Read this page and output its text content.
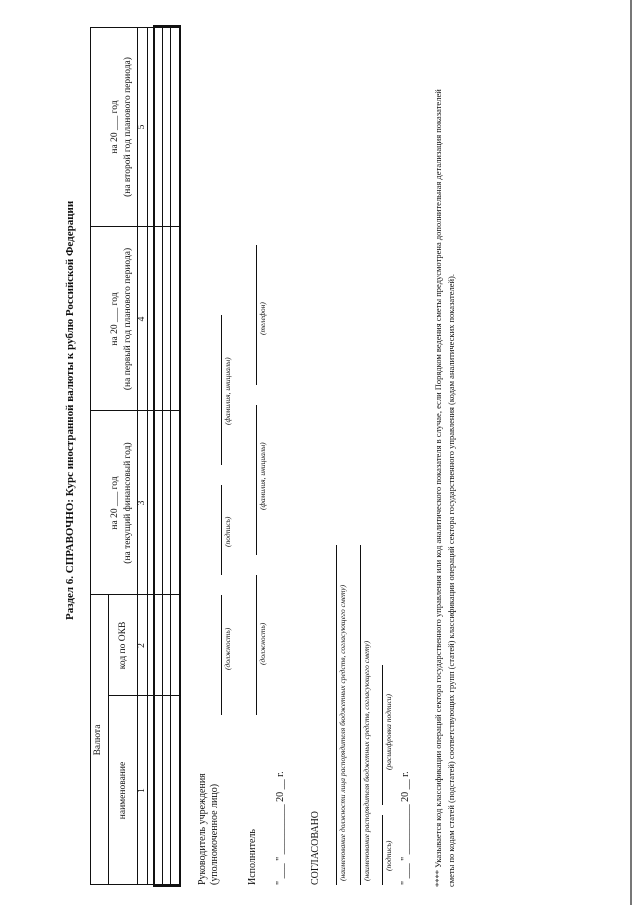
Раздел 6. СПРАВОЧНО: Курс иностранной валюты к рублю Российской Федерации
Валюта
наименование
код по ОКВ
на 20 ___ год (на текущий финансовый год)
на 20 ___ год (на первый год планового периода)
на 20 ___ год (на второй год планового периода)
1
2
3
4
5
Руководитель учреждения (уполномоченное лицо)
(должность)
(подпись)
(фамилия, инициалы)
Исполнитель
(должность)
(фамилия, инициалы)
(телефон)
" ___ " __________ 20 __ г. СОГЛАСОВАНО (наименование должности лица распорядителя бюджетных средств, согласующего смету) (наименование распорядителя бюджетных средств, согласующего смету) (подпись)
(расшифровка подписи)
" ___ " __________ 20 __ г.	**** Указывается код классификации операций сектора государственного управления или код аналитического показателя в случае, если Порядком ведения сметы предусмотрена дополнительная детализация показателей сметы по кодам статей (подстатей) соответствующих групп (статей) классификации операций сектора государственного управления (кодам аналитических показателей).
